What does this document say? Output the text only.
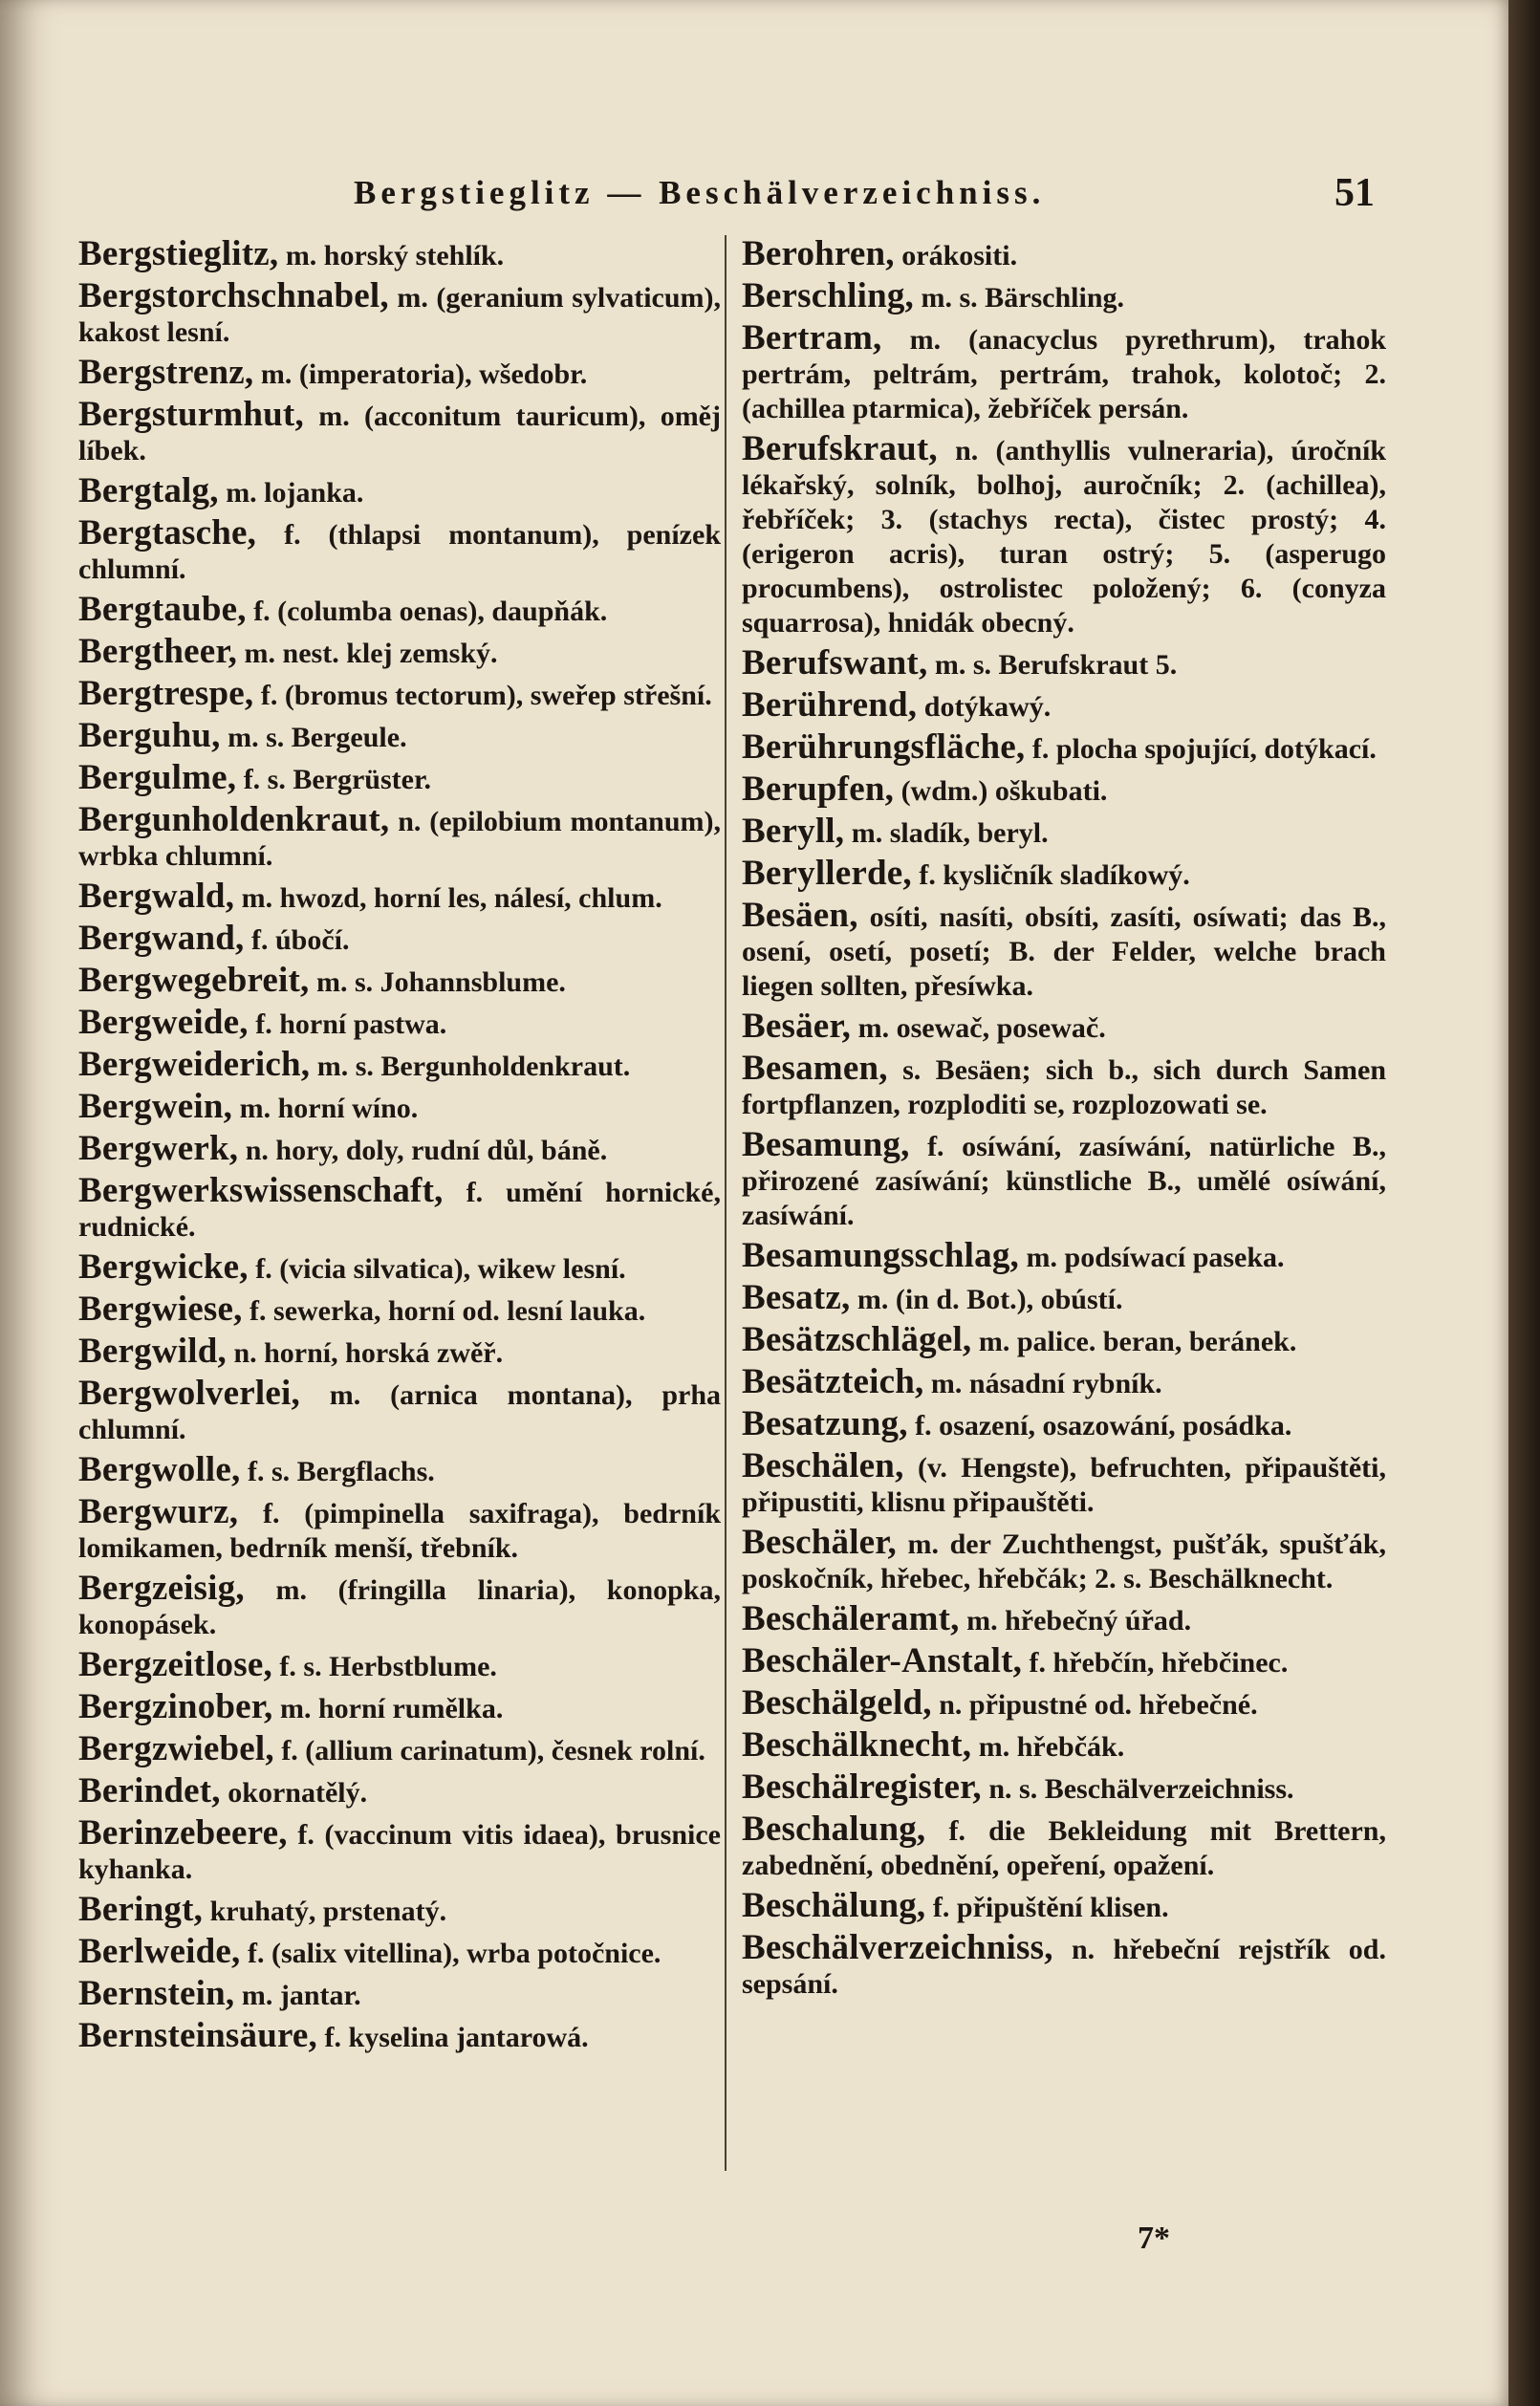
Bergstieglitz — Beschälverzeichniss.	51
Bergstieglitz, m. horský stehlík.
Bergstorchschnabel, m. (geranium sylvaticum), kakost lesní.
Bergstrenz, m. (imperatoria), wšedobr.
Bergsturmhut, m. (acconitum tauricum), oměj líbek.
Bergtalg, m. lojanka.
Bergtasche, f. (thlapsi montanum), penízek chlumní.
Bergtaube, f. (columba oenas), daupňák.
Bergtheer, m. nest. klej zemský.
Bergtrespe, f. (bromus tectorum), sweřep střešní.
Berguhu, m. s. Bergeule.
Bergulme, f. s. Bergrüster.
Bergunholdenkraut, n. (epilobium montanum), wrbka chlumní.
Bergwald, m. hwozd, horní les, nálesí, chlum.
Bergwand, f. úbočí.
Bergwegebreit, m. s. Johannsblume.
Bergweide, f. horní pastwa.
Bergweiderich, m. s. Bergunholdenkraut.
Bergwein, m. horní wíno.
Bergwerk, n. hory, doly, rudní důl, báně.
Bergwerkswissenschaft, f. umění hornické, rudnické.
Bergwicke, f. (vicia silvatica), wikew lesní.
Bergwiese, f. sewerka, horní od. lesní lauka.
Bergwild, n. horní, horská zwěř.
Bergwolverlei, m. (arnica montana), prha chlumní.
Bergwolle, f. s. Bergflachs.
Bergwurz, f. (pimpinella saxifraga), bedrník lomikamen, bedrník menší, třebník.
Bergzeisig, m. (fringilla linaria), konopka, konopásek.
Bergzeitlose, f. s. Herbstblume.
Bergzinober, m. horní rumělka.
Bergzwiebel, f. (allium carinatum), česnek rolní.
Berindet, okornatělý.
Berinzebeere, f. (vaccinum vitis idaea), brusnice kyhanka.
Beringt, kruhatý, prstenatý.
Berlweide, f. (salix vitellina), wrba potočnice.
Bernstein, m. jantar.
Bernsteinsäure, f. kyselina jantarowá.
Berohren, orákositi.
Berschling, m. s. Bärschling.
Bertram, m. (anacyclus pyrethrum), trahok pertrám, peltrám, pertrám, trahok, kolotoč; 2. (achillea ptarmica), žebříček persán.
Berufskraut, n. (anthyllis vulneraria), úročník lékařský, solník, bolhoj, auročník; 2. (achillea), řebříček; 3. (stachys recta), čistec prostý; 4. (erigeron acris), turan ostrý; 5. (asperugo procumbens), ostrolistec položený; 6. (conyza squarrosa), hnidák obecný.
Berufswant, m. s. Berufskraut 5.
Berührend, dotýkawý.
Berührungsfläche, f. plocha spojující, dotýkací.
Berupfen, (wdm.) oškubati.
Beryll, m. sladík, beryl.
Beryllerde, f. kysličník sladíkowý.
Besäen, osíti, nasíti, obsíti, zasíti, osíwati; das B., osení, osetí, posetí; B. der Felder, welche brach liegen sollten, přesíwka.
Besäer, m. osewač, posewač.
Besamen, s. Besäen; sich b., sich durch Samen fortpflanzen, rozploditi se, rozplozowati se.
Besamung, f. osíwání, zasíwání, natürliche B., přirozené zasíwání; künstliche B., umělé osíwání, zasíwání.
Besamungsschlag, m. podsíwací paseka.
Besatz, m. (in d. Bot.), obústí.
Besätzschlägel, m. palice. beran, beránek.
Besätzteich, m. násadní rybník.
Besatzung, f. osazení, osazowání, posádka.
Beschälen, (v. Hengste), befruchten, připauštěti, připustiti, klisnu připauštěti.
Beschäler, m. der Zuchthengst, pušťák, spušťák, poskočník, hřebec, hřebčák; 2. s. Beschälknecht.
Beschäleramt, m. hřebečný úřad.
Beschäler-Anstalt, f. hřebčín, hřebčinec.
Beschälgeld, n. připustné od. hřebečné.
Beschälknecht, m. hřebčák.
Beschälregister, n. s. Beschälverzeichniss.
Beschalung, f. die Bekleidung mit Brettern, zabednění, obednění, opeření, opažení.
Beschälung, f. připuštění klisen.
Beschälverzeichniss, n. hřebeční rejstřík od. sepsání.
7*
